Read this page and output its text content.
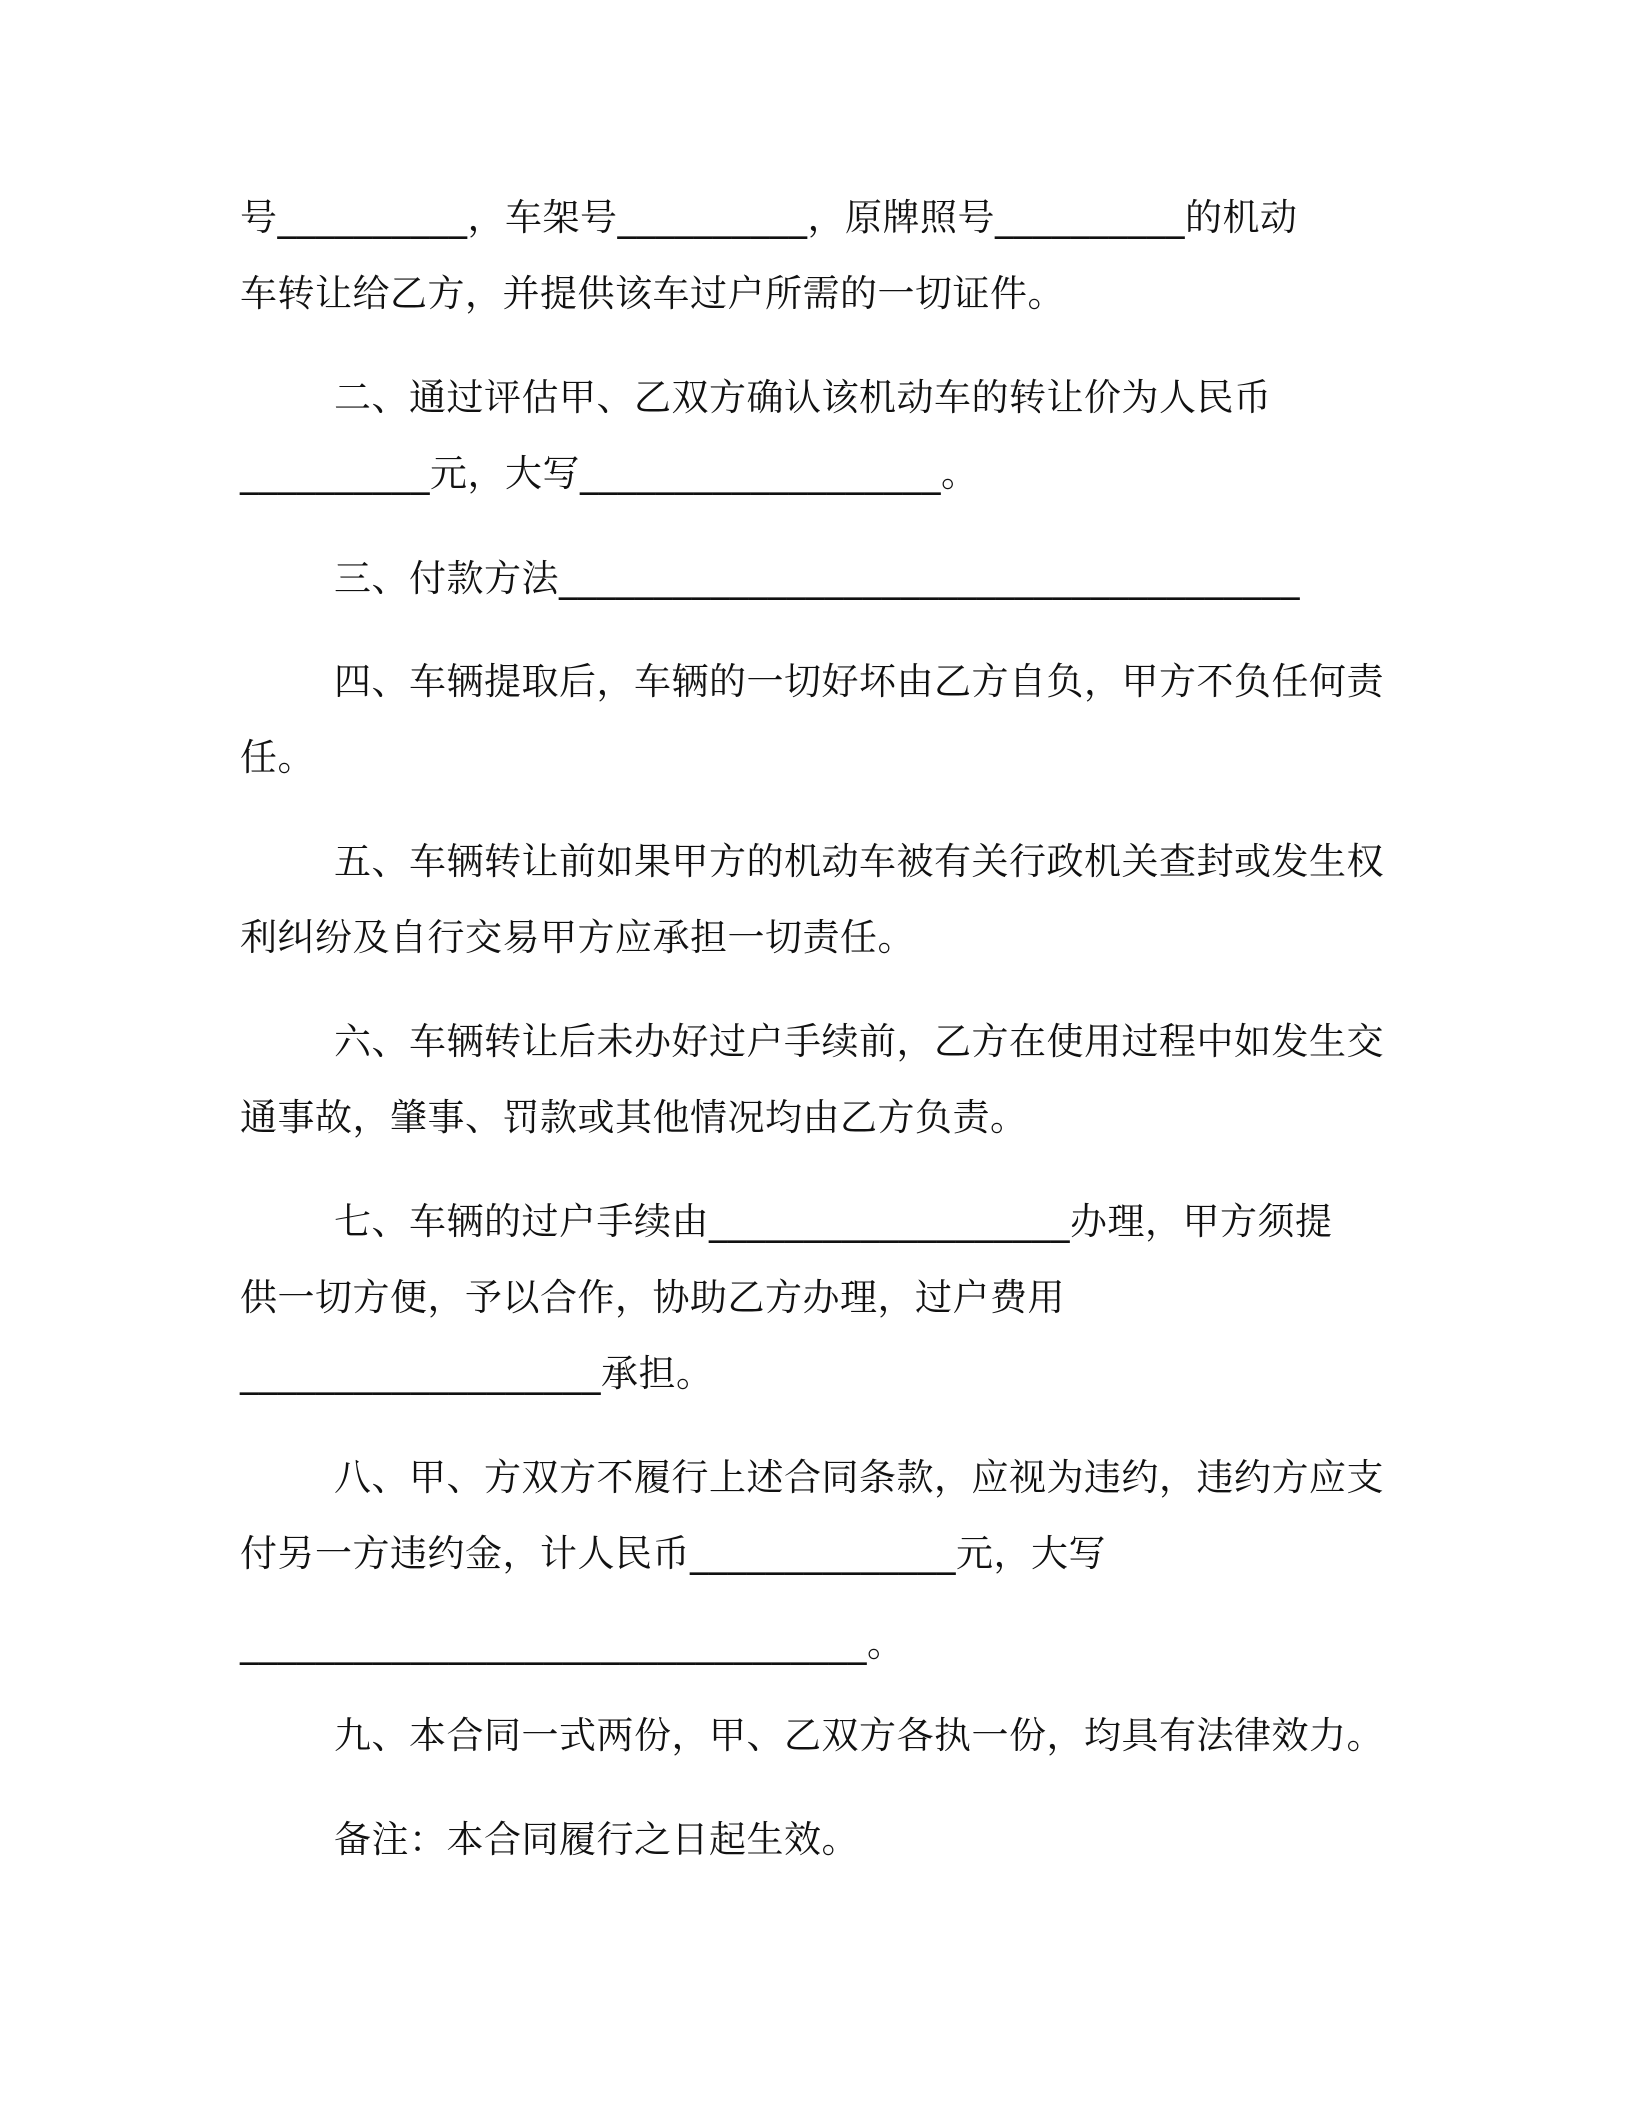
号__________，车架号__________，原牌照号__________的机动
车转让给乙方，并提供该车过户所需的一切证件。
二、通过评估甲、乙双方确认该机动车的转让价为人民币
__________元，大写___________________。
三、付款方法_______________________________________
四、车辆提取后，车辆的一切好坏由乙方自负，甲方不负任何责
任。
五、车辆转让前如果甲方的机动车被有关行政机关查封或发生权
利纠纷及自行交易甲方应承担一切责任。
六、车辆转让后未办好过户手续前，乙方在使用过程中如发生交
通事故，肇事、罚款或其他情况均由乙方负责。
七、车辆的过户手续由___________________办理，甲方须提
供一切方便，予以合作，协助乙方办理，过户费用
___________________承担。
八、甲、方双方不履行上述合同条款，应视为违约，违约方应支
付另一方违约金，计人民币______________元，大写
_________________________________。
九、本合同一式两份，甲、乙双方各执一份，均具有法律效力。
备注：本合同履行之日起生效。
